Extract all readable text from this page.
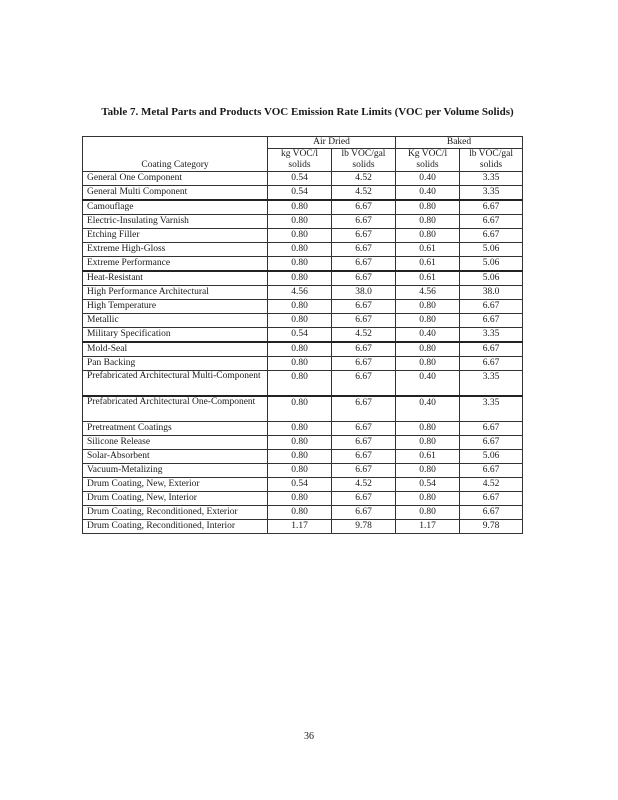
Table 7. Metal Parts and Products VOC Emission Rate Limits (VOC per Volume Solids)
Coating Category	Air Dried		Baked	

	kg VOC/l solids	lb VOC/gal solids	Kg VOC/l solids	lb VOC/gal solids

General One Component	0.54	4.52	0.40	3.35
General Multi Component	0.54	4.52	0.40	3.35
Camouflage	0.80	6.67	0.80	6.67
Electric-Insulating Varnish	0.80	6.67	0.80	6.67
Etching Filler	0.80	6.67	0.80	6.67
Extreme High-Gloss	0.80	6.67	0.61	5.06
Extreme Performance	0.80	6.67	0.61	5.06
Heat-Resistant	0.80	6.67	0.61	5.06
High Performance Architectural	4.56	38.0	4.56	38.0
High Temperature	0.80	6.67	0.80	6.67
Metallic	0.80	6.67	0.80	6.67
Military Specification	0.54	4.52	0.40	3.35
Mold-Seal	0.80	6.67	0.80	6.67
Pan Backing	0.80	6.67	0.80	6.67
Prefabricated Architectural Multi-Component	0.80	6.67	0.40	3.35
Prefabricated Architectural One-Component	0.80	6.67	0.40	3.35
Pretreatment Coatings	0.80	6.67	0.80	6.67
Silicone Release	0.80	6.67	0.80	6.67
Solar-Absorbent	0.80	6.67	0.61	5.06
Vacuum-Metalizing	0.80	6.67	0.80	6.67
Drum Coating, New, Exterior	0.54	4.52	0.54	4.52
Drum Coating, New, Interior	0.80	6.67	0.80	6.67
Drum Coating, Reconditioned, Exterior	0.80	6.67	0.80	6.67
Drum Coating, Reconditioned, Interior	1.17	9.78	1.17	9.78
36
